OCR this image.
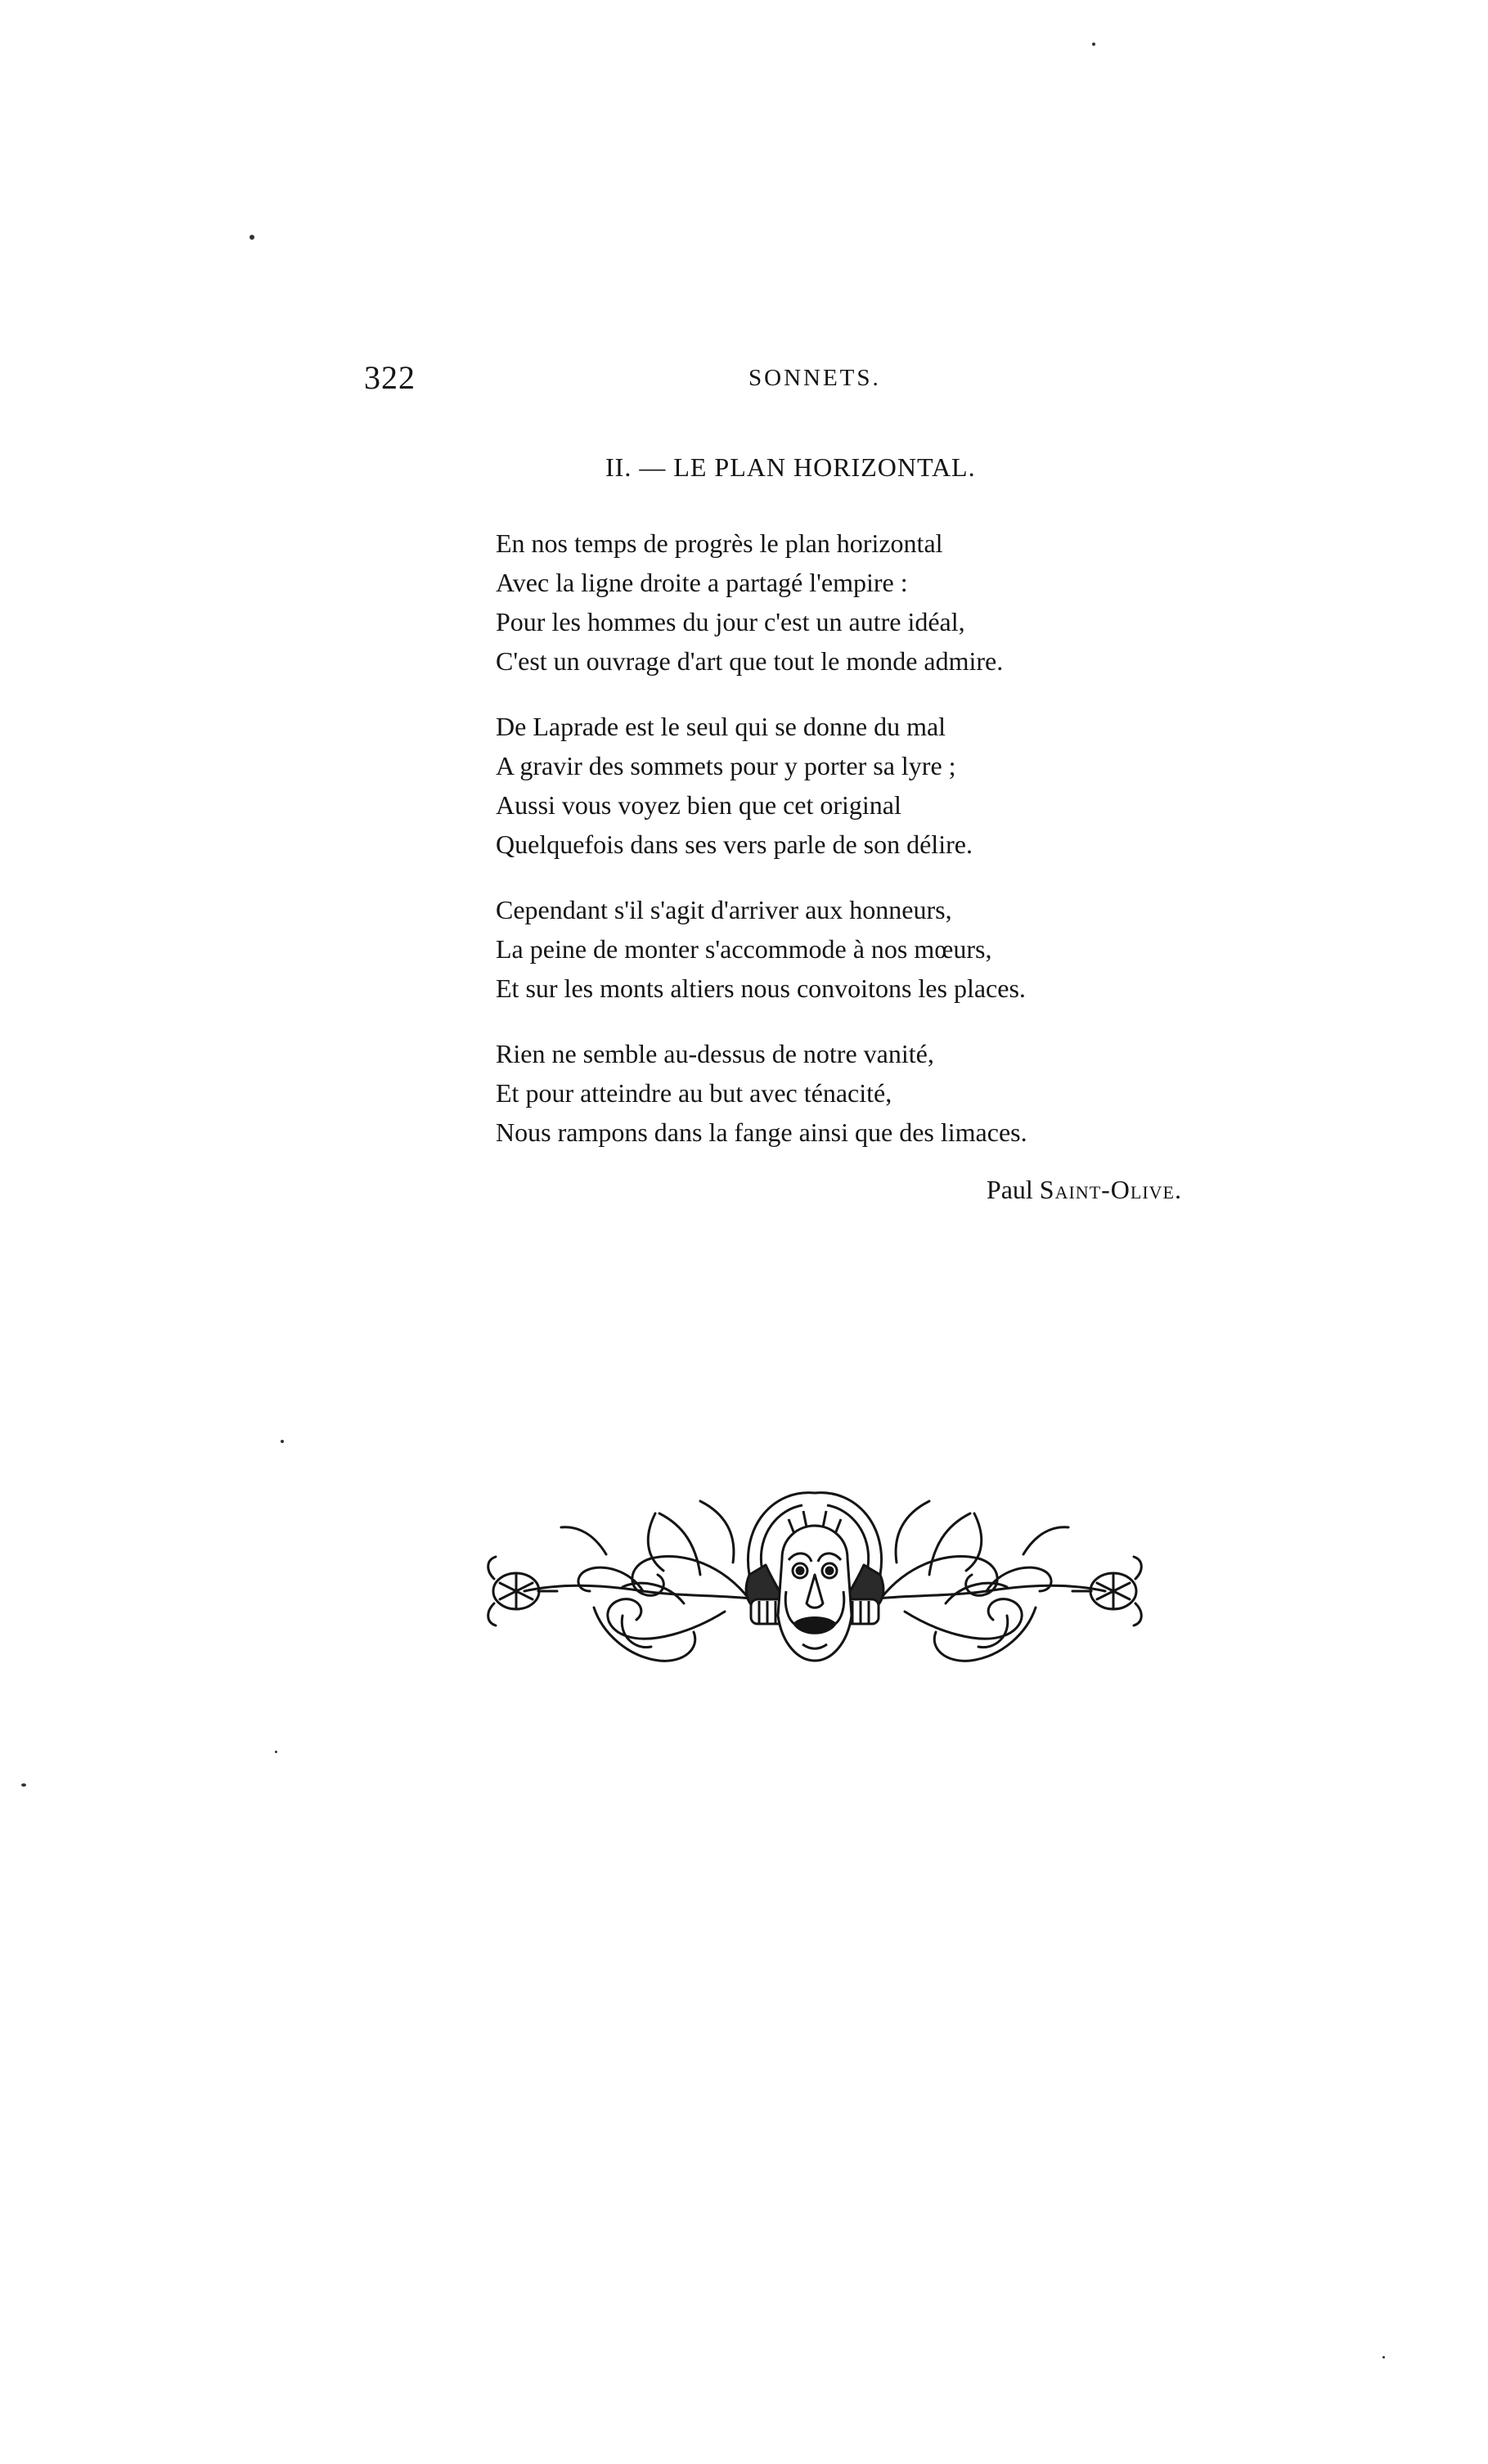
322	SONNETS.
II. — LE PLAN HORIZONTAL.
En nos temps de progrès le plan horizontal
Avec la ligne droite a partagé l'empire :
Pour les hommes du jour c'est un autre idéal,
C'est un ouvrage d'art que tout le monde admire.
De Laprade est le seul qui se donne du mal
A gravir des sommets pour y porter sa lyre ;
Aussi vous voyez bien que cet original
Quelquefois dans ses vers parle de son délire.
Cependant s'il s'agit d'arriver aux honneurs,
La peine de monter s'accommode à nos mœurs,
Et sur les monts altiers nous convoitons les places.
Rien ne semble au-dessus de notre vanité,
Et pour atteindre au but avec ténacité,
Nous rampons dans la fange ainsi que des limaces.
Paul Saint-Olive.
